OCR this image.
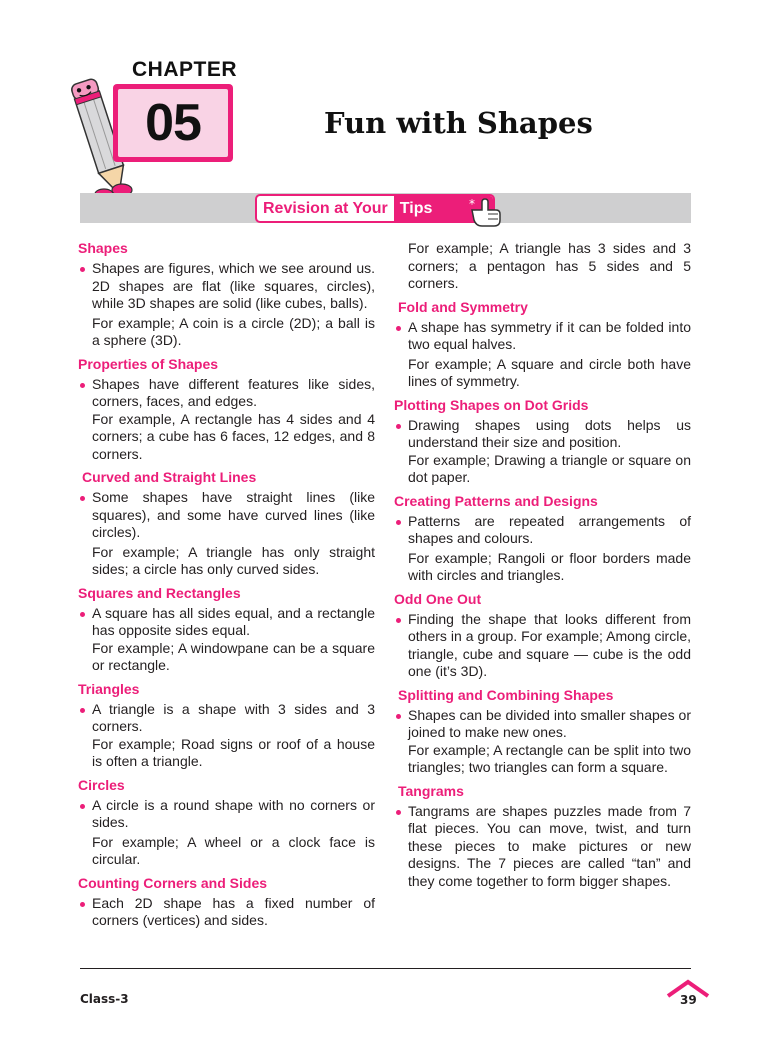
CHAPTER
05	Fun with Shapes
Revision at Your Tips	*
Shapes

Shapes are figures, which we see around us. 2D shapes are flat (like squares, circles), while 3D shapes are solid (like cubes, balls).

For example; A coin is a circle (2D); a ball is a sphere (3D).

Properties of Shapes

Shapes have different features like sides, corners, faces, and edges.

For example, A rectangle has 4 sides and 4 corners; a cube has 6 faces, 12 edges, and 8 corners.

Curved and Straight Lines

Some shapes have straight lines (like squares), and some have curved lines (like circles).

For example; A triangle has only straight sides; a circle has only curved sides.

Squares and Rectangles

A square has all sides equal, and a rectangle has opposite sides equal.

For example; A windowpane can be a square or rectangle.

Triangles

A triangle is a shape with 3 sides and 3 corners.

For example; Road signs or roof of a house is often a triangle.

Circles

A circle is a round shape with no corners or sides.

For example; A wheel or a clock face is circular.

Counting Corners and Sides

Each 2D shape has a fixed number of corners (vertices) and sides.

For example; A triangle has 3 sides and 3 corners; a pentagon has 5 sides and 5 corners.

Fold and Symmetry

A shape has symmetry if it can be folded into two equal halves.

For example; A square and circle both have lines of symmetry.

Plotting Shapes on Dot Grids

Drawing shapes using dots helps us understand their size and position.

For example; Drawing a triangle or square on dot paper.

Creating Patterns and Designs

Patterns are repeated arrangements of shapes and colours.

For example; Rangoli or floor borders made with circles and triangles.

Odd One Out

Finding the shape that looks different from others in a group. For example; Among circle, triangle, cube and square — cube is the odd one (it’s 3D).

Splitting and Combining Shapes

Shapes can be divided into smaller shapes or joined to make new ones.

For example; A rectangle can be split into two triangles; two triangles can form a square.

Tangrams

Tangrams are shapes puzzles made from 7 flat pieces. You can move, twist, and turn these pieces to make pictures or new designs. The 7 pieces are called “tan” and they come together to form bigger shapes.

Class-3	39
